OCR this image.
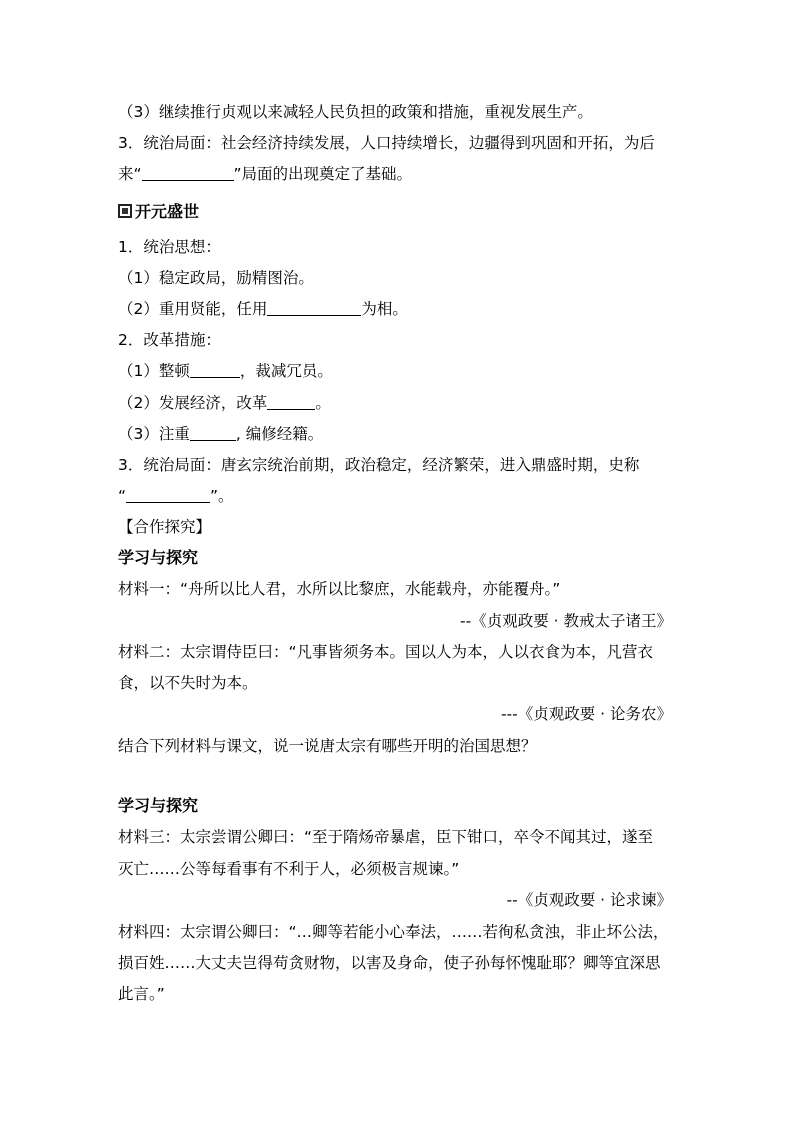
（3）继续推行贞观以来减轻人民负担的政策和措施，重视发展生产。
3．统治局面：社会经济持续发展，人口持续增长，边疆得到巩固和开拓，为后
来“	”局面的出现奠定了基础。
开元盛世
1．统治思想：
（1）稳定政局，励精图治。
（2）重用贤能，任用	为相。
2．改革措施：
（1）整顿	，裁减冗员。
（2）发展经济，改革	。
（3）注重	, 编修经籍。
3．统治局面：唐玄宗统治前期，政治稳定，经济繁荣，进入鼎盛时期，史称
“	”。
【合作探究】
学习与探究
材料一：“舟所以比人君，水所以比黎庶，水能载舟，亦能覆舟。”
--《贞观政要 · 教戒太子诸王》
材料二：太宗谓侍臣曰：“凡事皆须务本。国以人为本，人以衣食为本，凡营衣
食，以不失时为本。
---《贞观政要 · 论务农》
结合下列材料与课文，说一说唐太宗有哪些开明的治国思想？
学习与探究
材料三：太宗尝谓公卿曰：“至于隋炀帝暴虐，臣下钳口，卒令不闻其过，遂至
灭亡……公等每看事有不利于人，必须极言规谏。”
--《贞观政要 · 论求谏》
材料四：太宗谓公卿曰：“…卿等若能小心奉法，……若徇私贪浊，非止坏公法，
损百姓……大丈夫岂得苟贪财物，以害及身命，使子孙每怀愧耻耶？卿等宜深思
此言。”
